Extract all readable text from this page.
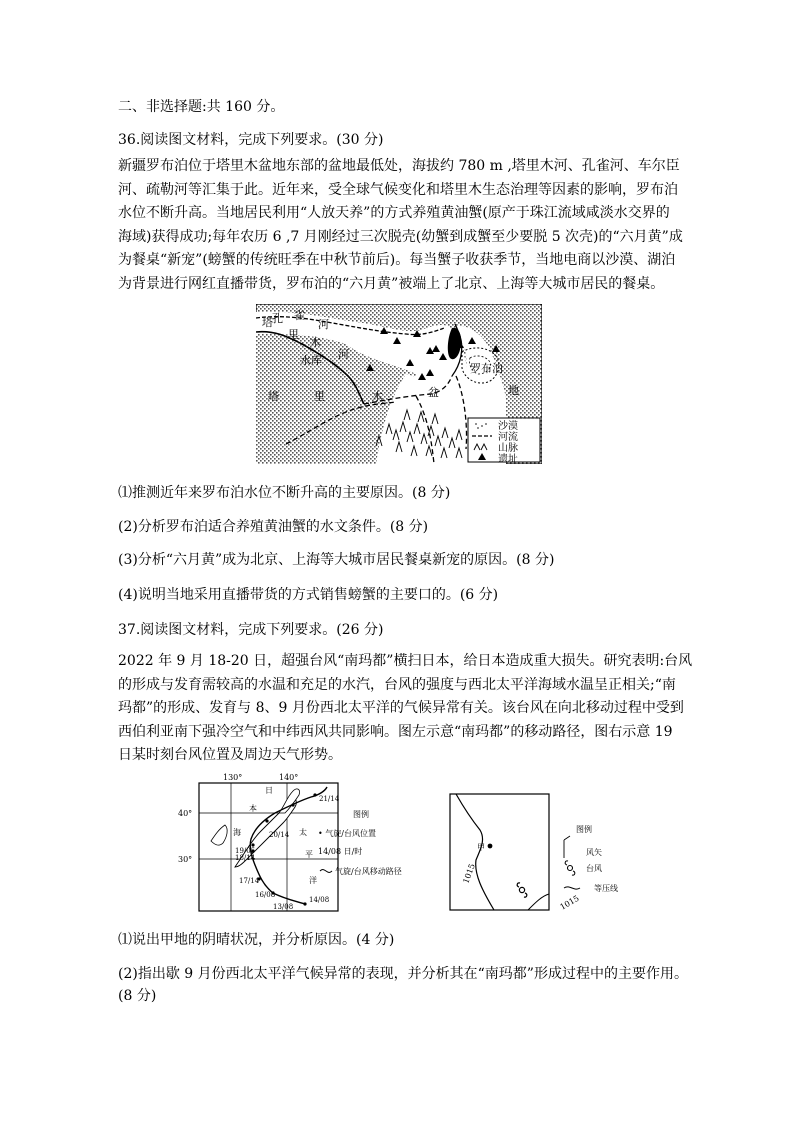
二、非选择题:共 160 分。
36.阅读图文材料，完成下列要求。(30 分)
新疆罗布泊位于塔里木盆地东部的盆地最低处，海拔约 780 m ,塔里木河、孔雀河、车尔臣
河、疏勒河等汇集于此。近年来，受全球气候变化和塔里木生态治理等因素的影响，罗布泊
水位不断升高。当地居民利用“人放天养”的方式养殖黄油蟹(原产于珠江流域咸淡水交界的
海域)获得成功;每年农历 6 ,7 月刚经过三次脱壳(幼蟹到成蟹至少要脱 5 次壳)的“六月黄”成
为餐桌“新宠”(螃蟹的传统旺季在中秋节前后)。每当蟹子收获季节，当地电商以沙漠、湖泊
为背景进行网红直播带货，罗布泊的“六月黄”被端上了北京、上海等大城市居民的餐桌。
孔 雀
河
塔
里
木
河
水库
塔	里	木	盆	地
罗布泊
沙漠
河流
山脉
遗址
⑴推测近年来罗布泊水位不断升高的主要原因。(8 分)
(2)分析罗布泊适合养殖黄油蟹的水文条件。(8 分)
(3)分析“六月黄”成为北京、上海等大城市居民餐桌新宠的原因。(8 分)
(4)说明当地采用直播带货的方式销售螃蟹的主要口的。(6 分)
37.阅读图文材料，完成下列要求。(26 分)
2022 年 9 月 18-20 日，超强台风“南玛都”横扫日本，给日本造成重大损失。研究表明:台风
的形成与发育需较高的水温和充足的水汽，台风的强度与西北太平洋海域水温呈正相关;“南
玛都”的形成、发育与 8、9 月份西北太平洋的气候异常有关。该台风在向北移动过程中受到
西伯利亚南下强冷空气和中纬西风共同影响。图左示意“南玛都”的移动路径，图右示意 19
日某时刻台风位置及周边天气形势。
130°	140°
40°
30°
日
本
海	太
平
洋
21/14
20/14
19/05
18/14
17/14
16/08
14/08
13/08
图例
• 气旋/台风位置
14/08 日/时
气旋/台风移动路径
甲
1015
1015
图例
风矢
台风
等压线
⑴说出甲地的阴晴状况，并分析原因。(4 分)
(2)指出歇 9 月份西北太平洋气候异常的表现，并分析其在“南玛都”形成过程中的主要作用。
(8 分)
